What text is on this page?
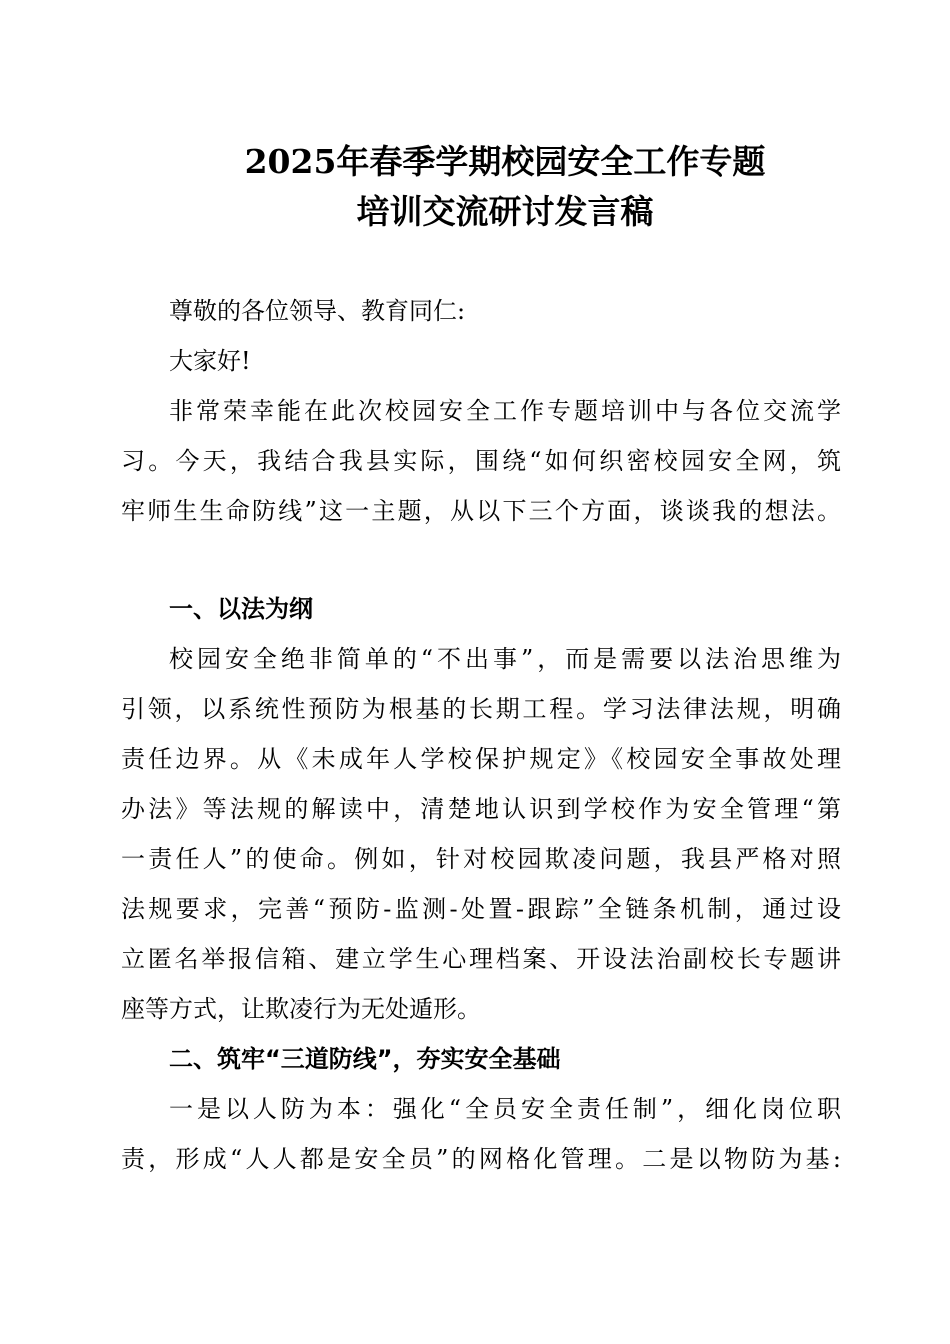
2025年春季学期校园安全工作专题
培训交流研讨发言稿
尊敬的各位领导、教育同仁:
大家好!
非常荣幸能在此次校园安全工作专题培训中与各位交流学
习。今天，我结合我县实际，围绕“如何织密校园安全网，筑
牢师生生命防线”这一主题，从以下三个方面，谈谈我的想法。
一、以法为纲
校园安全绝非简单的“不出事”，而是需要以法治思维为
引领，以系统性预防为根基的长期工程。学习法律法规，明确
责任边界。从《未成年人学校保护规定》《校园安全事故处理
办法》等法规的解读中，清楚地认识到学校作为安全管理“第
一责任人”的使命。例如，针对校园欺凌问题，我县严格对照
法规要求，完善“预防-监测-处置-跟踪”全链条机制，通过设
立匿名举报信箱、建立学生心理档案、开设法治副校长专题讲
座等方式，让欺凌行为无处遁形。
二、筑牢“三道防线”，夯实安全基础
一是以人防为本：强化“全员安全责任制”，细化岗位职
责，形成“人人都是安全员”的网格化管理。二是以物防为基:
